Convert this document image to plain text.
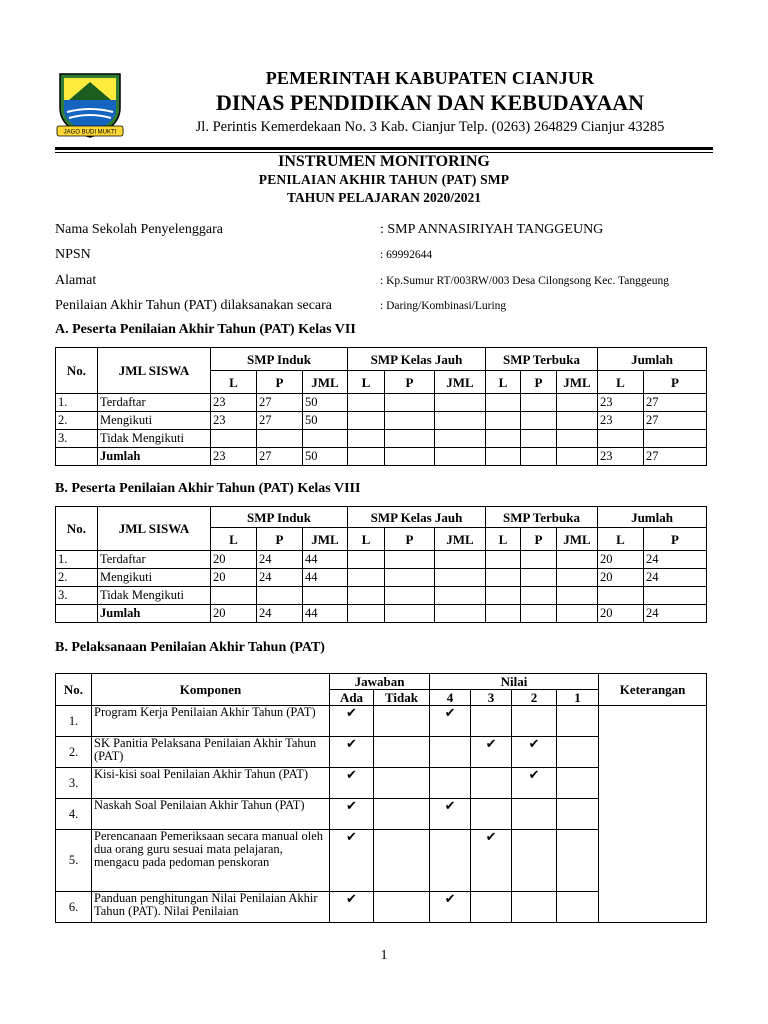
JAGO BUDI MUKTI
PEMERINTAH KABUPATEN CIANJUR
DINAS PENDIDIKAN DAN KEBUDAYAAN
Jl. Perintis Kemerdekaan No. 3 Kab. Cianjur Telp. (0263) 264829 Cianjur 43285
INSTRUMEN MONITORING
PENILAIAN AKHIR TAHUN (PAT) SMP
TAHUN PELAJARAN 2020/2021
Nama Sekolah Penyelenggara	: SMP ANNASIRIYAH TANGGEUNG
NPSN	: 69992644
Alamat	: Kp.Sumur RT/003RW/003 Desa Cilongsong Kec. Tanggeung
Penilaian Akhir Tahun (PAT) dilaksanakan secara	: Daring/Kombinasi/Luring
A. Peserta Penilaian Akhir Tahun (PAT) Kelas VII
No.	JML SISWA	SMP Induk			SMP Kelas Jauh			SMP Terbuka			Jumlah	
		L	P	JML	L	P	JML	L	P	JML	L	P
1.	Terdaftar	23	27	50							23	27
2.	Mengikuti	23	27	50							23	27
3.	Tidak Mengikuti											
	Jumlah	23	27	50							23	27
B. Peserta Penilaian Akhir Tahun (PAT) Kelas VIII
No.	JML SISWA	SMP Induk			SMP Kelas Jauh			SMP Terbuka			Jumlah	
		L	P	JML	L	P	JML	L	P	JML	L	P
1.	Terdaftar	20	24	44							20	24
2.	Mengikuti	20	24	44							20	24
3.	Tidak Mengikuti											
	Jumlah	20	24	44							20	24
B. Pelaksanaan Penilaian Akhir Tahun (PAT)
No.	Komponen	Jawaban		Nilai				Keterangan
		Ada	Tidak	4	3	2	1	
1.	Program Kerja Penilaian Akhir Tahun (PAT)	✔		✔				
2.	SK Panitia Pelaksana Penilaian Akhir Tahun (PAT)	✔			✔	✔		
3.	Kisi-kisi soal Penilaian Akhir Tahun (PAT)	✔				✔		
4.	Naskah Soal Penilaian Akhir Tahun (PAT)	✔		✔				
5.	Perencanaan Pemeriksaan secara manual oleh dua orang guru sesuai mata pelajaran, mengacu pada pedoman penskoran	✔			✔			
6.	Panduan penghitungan Nilai Penilaian Akhir Tahun (PAT). Nilai Penilaian	✔		✔				
1
